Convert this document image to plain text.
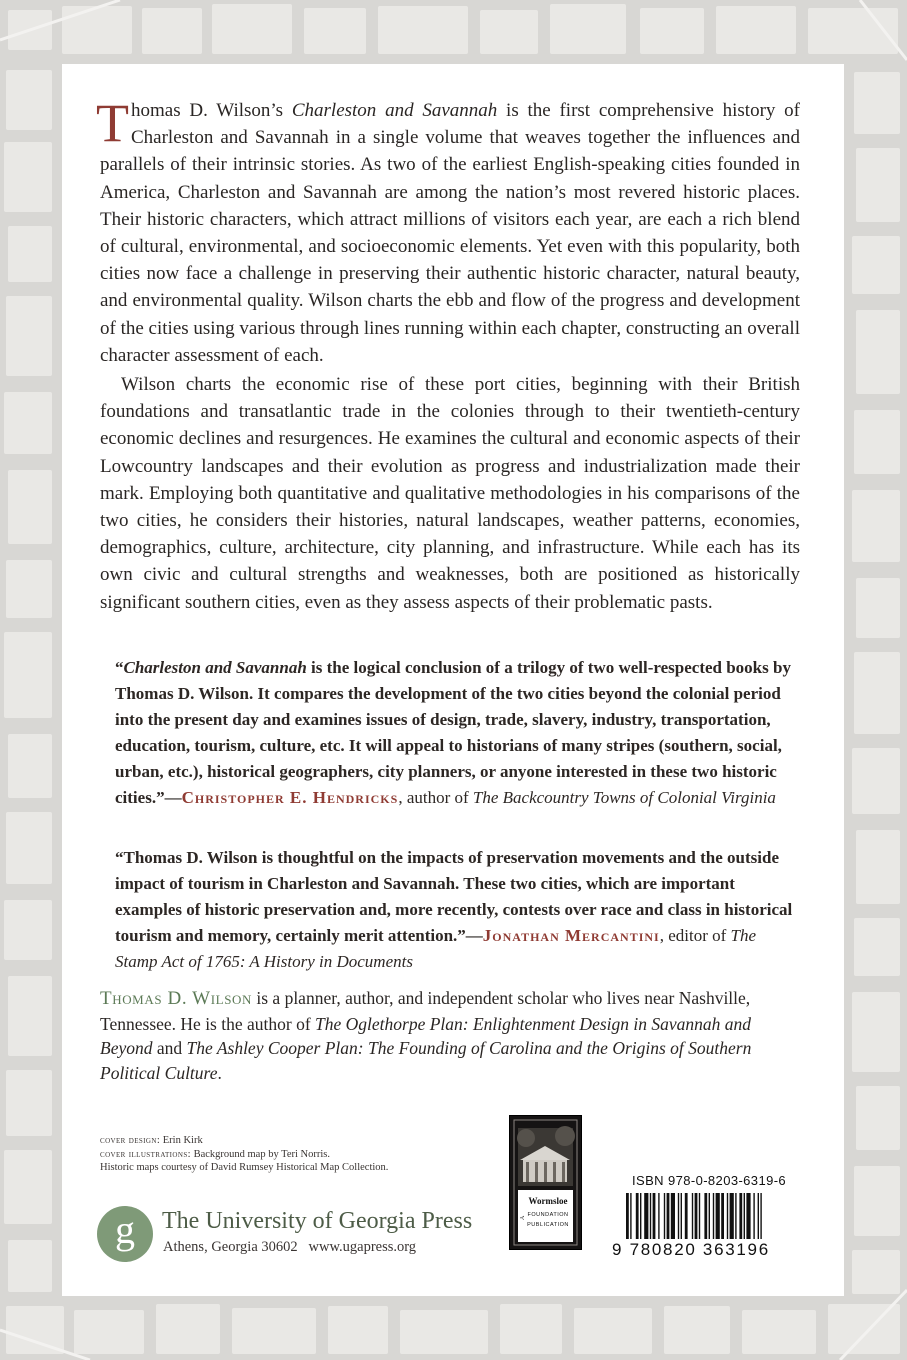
Thomas D. Wilson’s Charleston and Savannah is the first comprehensive history of Charleston and Savannah in a single volume that weaves together the influences and parallels of their intrinsic stories. As two of the earliest English-speaking cities founded in America, Charleston and Savannah are among the nation’s most revered historic places. Their historic characters, which attract millions of visitors each year, are each a rich blend of cultural, environmental, and socioeconomic elements. Yet even with this popularity, both cities now face a challenge in preserving their authentic historic character, natural beauty, and environmental quality. Wilson charts the ebb and flow of the progress and development of the cities using various through lines running within each chapter, constructing an overall character assessment of each.

Wilson charts the economic rise of these port cities, beginning with their British foundations and transatlantic trade in the colonies through to their twentieth-century economic declines and resurgences. He examines the cultural and economic aspects of their Lowcountry landscapes and their evolution as progress and industrialization made their mark. Employing both quantitative and qualitative methodologies in his comparisons of the two cities, he considers their histories, natural landscapes, weather patterns, economies, demographics, culture, architecture, city planning, and infrastructure. While each has its own civic and cultural strengths and weaknesses, both are positioned as historically significant southern cities, even as they assess aspects of their problematic pasts.

“Charleston and Savannah is the logical conclusion of a trilogy of two well-respected books by Thomas D. Wilson. It compares the development of the two cities beyond the colonial period into the present day and examines issues of design, trade, slavery, industry, transportation, education, tourism, culture, etc. It will appeal to historians of many stripes (southern, social, urban, etc.), historical geographers, city planners, or anyone interested in these two historic cities.”—Christopher E. Hendricks, author of The Backcountry Towns of Colonial Virginia

“Thomas D. Wilson is thoughtful on the impacts of preservation movements and the outside impact of tourism in Charleston and Savannah. These two cities, which are important examples of historic preservation and, more recently, contests over race and class in historical tourism and memory, certainly merit attention.”—Jonathan Mercantini, editor of The Stamp Act of 1765: A History in Documents

Thomas D. Wilson is a planner, author, and independent scholar who lives near Nashville, Tennessee. He is the author of The Oglethorpe Plan: Enlightenment Design in Savannah and Beyond and The Ashley Cooper Plan: The Founding of Carolina and the Origins of Southern Political Culture.

cover design: Erin Kirk
cover illustrations: Background map by Teri Norris.
Historic maps courtesy of David Rumsey Historical Map Collection.
g The University of Georgia Press
Athens, Georgia 30602 www.ugapress.org
A
Wormsloe
FOUNDATION
PUBLICATION
ISBN 978-0-8203-6319-6
9 780820 363196
